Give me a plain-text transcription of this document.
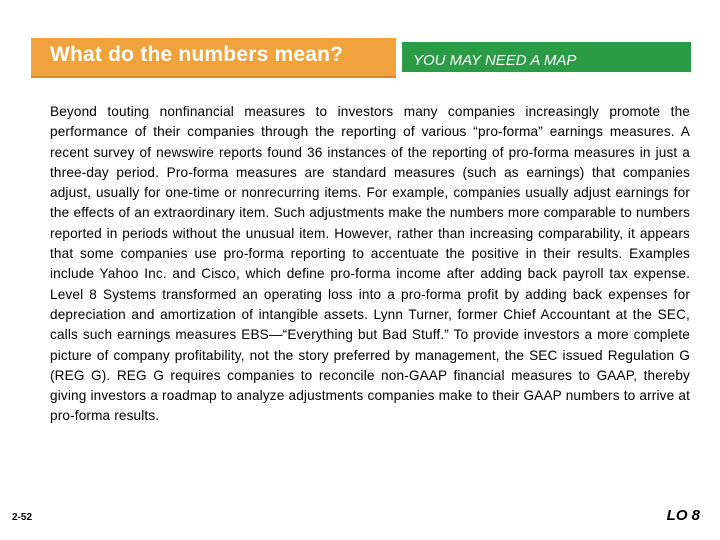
What do the numbers mean?	YOU MAY NEED A MAP

Beyond touting nonfinancial measures to investors many companies increasingly promote the performance of their companies through the reporting of various “pro-forma” earnings measures. A recent survey of newswire reports found 36 instances of the reporting of pro-forma measures in just a three-day period. Pro-forma measures are standard measures (such as earnings) that companies adjust, usually for one-time or nonrecurring items. For example, companies usually adjust earnings for the effects of an extraordinary item. Such adjustments make the numbers more comparable to numbers reported in periods without the unusual item. However, rather than increasing comparability, it appears that some companies use pro-forma reporting to accentuate the positive in their results. Examples include Yahoo Inc. and Cisco, which define pro-forma income after adding back payroll tax expense. Level 8 Systems transformed an operating loss into a pro-forma profit by adding back expenses for depreciation and amortization of intangible assets. Lynn Turner, former Chief Accountant at the SEC, calls such earnings measures EBS—“Everything but Bad Stuff.” To provide investors a more complete picture of company profitability, not the story preferred by management, the SEC issued Regulation G (REG G). REG G requires companies to reconcile non-GAAP financial measures to GAAP, thereby giving investors a roadmap to analyze adjustments companies make to their GAAP numbers to arrive at pro-forma results.

2-52	LO 8
